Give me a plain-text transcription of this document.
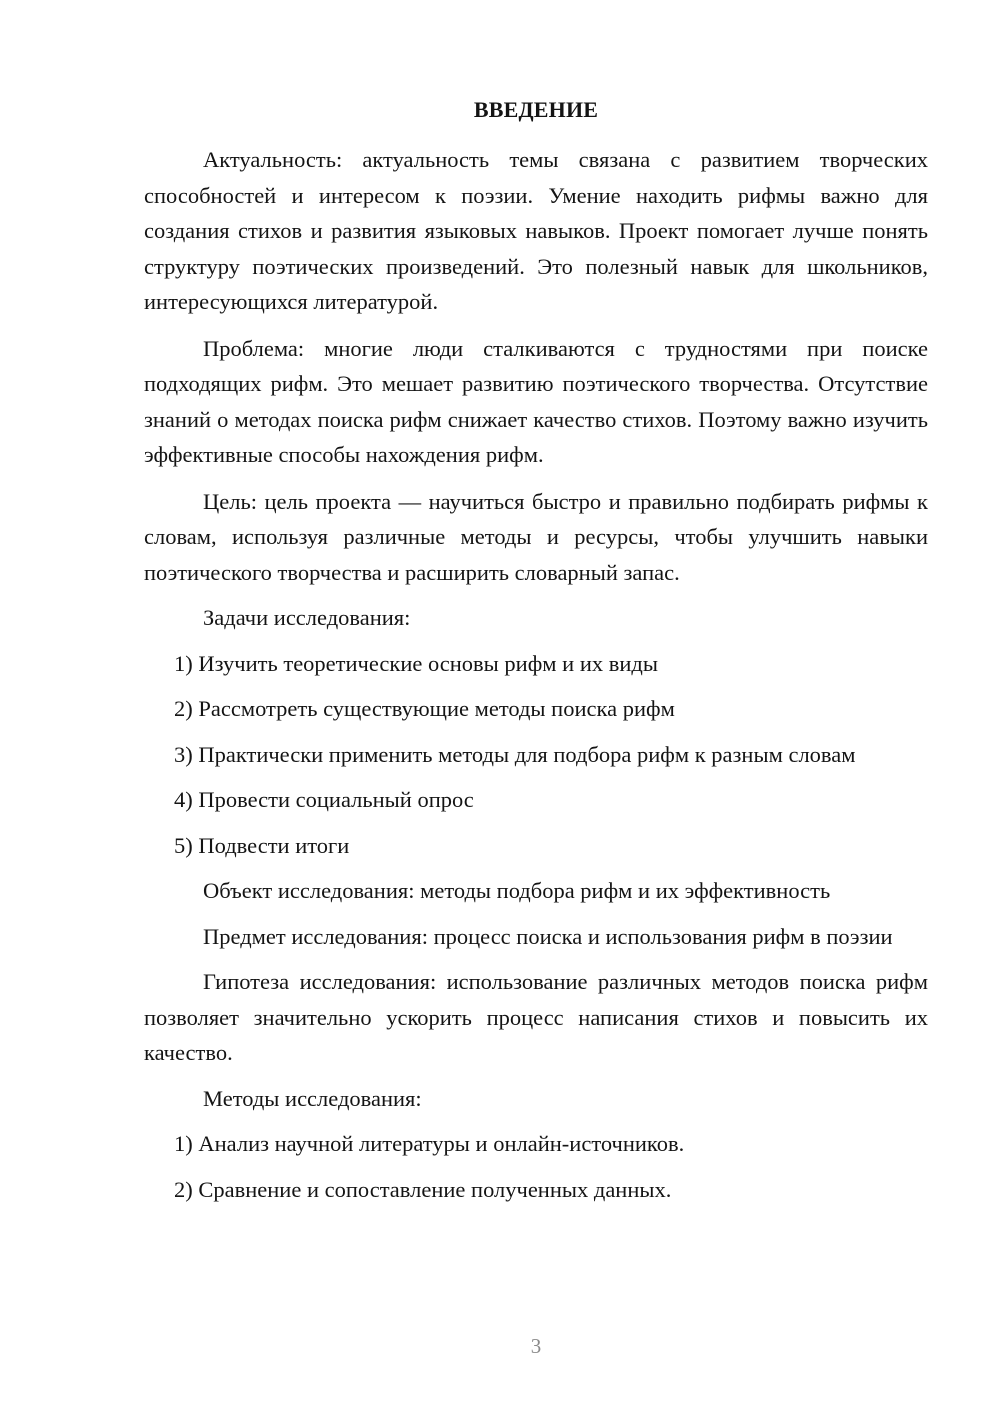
ВВЕДЕНИЕ

Актуальность: актуальность темы связана с развитием творческих способностей и интересом к поэзии. Умение находить рифмы важно для создания стихов и развития языковых навыков. Проект помогает лучше понять структуру поэтических произведений. Это полезный навык для школьников, интересующихся литературой.

Проблема: многие люди сталкиваются с трудностями при поиске подходящих рифм. Это мешает развитию поэтического творчества. Отсутствие знаний о методах поиска рифм снижает качество стихов. Поэтому важно изучить эффективные способы нахождения рифм.

Цель: цель проекта — научиться быстро и правильно подбирать рифмы к словам, используя различные методы и ресурсы, чтобы улучшить навыки поэтического творчества и расширить словарный запас.

Задачи исследования:

1) Изучить теоретические основы рифм и их виды

2) Рассмотреть существующие методы поиска рифм

3) Практически применить методы для подбора рифм к разным словам

4) Провести социальный опрос

5) Подвести итоги

Объект исследования: методы подбора рифм и их эффективность

Предмет исследования: процесс поиска и использования рифм в поэзии

Гипотеза исследования: использование различных методов поиска рифм позволяет значительно ускорить процесс написания стихов и повысить их качество.

Методы исследования:

1) Анализ научной литературы и онлайн-источников.

2) Сравнение и сопоставление полученных данных.

3
